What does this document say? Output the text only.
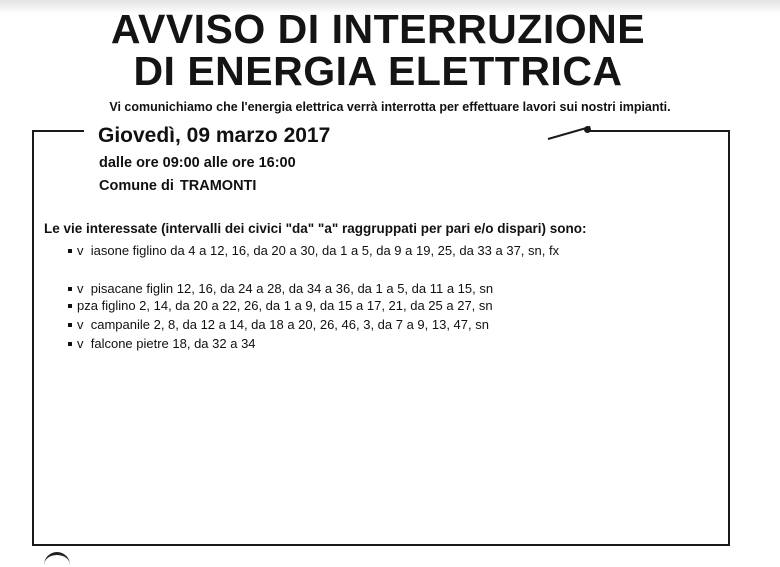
AVVISO DI INTERRUZIONE
DI ENERGIA ELETTRICA
Vi comunichiamo che l'energia elettrica verrà interrotta per effettuare lavori sui nostri impianti.
Giovedì, 09 marzo 2017
dalle ore 09:00 alle ore 16:00
Comune di TRAMONTI
Le vie interessate (intervalli dei civici "da" "a" raggruppati per pari e/o dispari) sono:
v iasone figlino da 4 a 12, 16, da 20 a 30, da 1 a 5, da 9 a 19, 25, da 33 a 37, sn, fx
v pisacane figlin 12, 16, da 24 a 28, da 34 a 36, da 1 a 5, da 11 a 15, sn
pza figlino 2, 14, da 20 a 22, 26, da 1 a 9, da 15 a 17, 21, da 25 a 27, sn
v campanile 2, 8, da 12 a 14, da 18 a 20, 26, 46, 3, da 7 a 9, 13, 47, sn
v falcone pietre 18, da 32 a 34
